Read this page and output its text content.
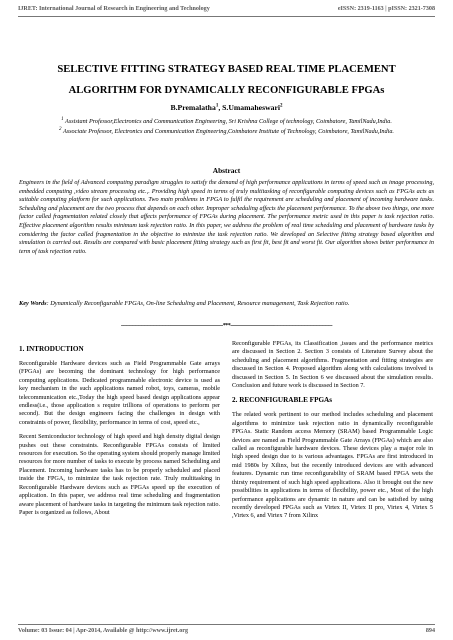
IJRET: International Journal of Research in Engineering and Technology	eISSN: 2319-1163 | pISSN: 2321-7308
SELECTIVE FITTING STRATEGY BASED REAL TIME PLACEMENT
ALGORITHM FOR DYNAMICALLY RECONFIGURABLE FPGAs
B.Premalatha$^1$, S.Umamaheswari$^2$

$^1$ Assistant Professor,Electronics and Communication Engineering, Sri Krishna College of technology, Coimbatore, TamilNadu,India.

$^2$ Associate Professor, Electronics and Communication Engineering,Coimbatore Institute of Technology, Coimbatore, TamilNadu,India.

Abstract
Engineers in the field of Advanced computing paradigm struggles to satisfy the demand of high performance applications in terms of speed such as image processing, embedded computing ,video stream processing etc.,. Providing high speed in terms of truly multitasking of reconfigurable computing devices such as FPGAs acts as suitable computing platform for such applications. Two main problems in FPGA to fulfil the requirement are scheduling and placement of incoming hardware tasks. Scheduling and placement are the two process that depends on each other. Improper scheduling affects the placement performance. To the above two things, one more factor called fragmentation related closely that affects performance of FPGAs during placement. The performance metric used in this paper is task rejection ratio. Effective placement algorithm results minimum task rejection ratio. In this paper, we address the problem of real time scheduling and placement of hardware tasks by considering the factor called fragmentation in the objective to minimize the task rejection ratio. We developed an Selective fitting strategy based algorithm and simulation is carried out. Results are compared with basic placement fitting strategy such as first fit, best fit and worst fit. Our algorithm shows better performance in term of task rejection ratio.
Key Words: Dynamically Reconfigurable FPGAs, On-line Scheduling and Placement, Resource management, Task Rejection ratio.
--------------------------------------------------------------------***--------------------------------------------------------------------
1. INTRODUCTION

Reconfigurable Hardware devices such as Field Programmable Gate arrays (FPGAs) are becoming the dominant technology for high performance computing applications. Dedicated programmable electronic device is used as key mechanism in the such applications named robot, toys, cameras, mobile telecommunication etc.,Today the high speed based design applications appear endless(i.e., those application s require trillions of operations to perform per second). But the design engineers facing the challenges in design with constraints of power, flexibility, performance in terms of cost, speed etc.,

Recent Semiconductor technology of high speed and high density digital design pushes out these constraints. Reconfigurable FPGAs consists of limited resources for execution. So the operating system should properly manage limited resources for more number of tasks to execute by process named Scheduling and Placement. Incoming hardware tasks has to be properly scheduled and placed inside the FPGA, to minimize the task rejection rate. Truly multitasking in Reconfigurable Hardware devices such as FPGAs speed up the execution of application. In this paper, we address real time scheduling and fragmentation aware placement of hardware tasks in targeting the minimum task rejection ratio. Paper is organized as follows, About

Reconfigurable FPGAs, its Classification ,issues and the performance metrics are discussed in Section 2. Section 3 consists of Literature Survey about the scheduling and placement algorithms. Fragmentation and fitting strategies are discussed in Section 4. Proposed algorithm along with calculations involved is discussed in Section 5. In Section 6 we discussed about the simulation results. Conclusion and future work is discussed in Section 7.

2. RECONFIGURABLE FPGAs

The related work pertinent to our method includes scheduling and placement algorithms to minimize task rejection ratio in dynamically reconfigurable FPGAs. Static Random access Memory (SRAM) based Programmable Logic devices are named as Field Programmable Gate Arrays (FPGAs) which are also called as reconfigurable hardware devices. These devices play a major role in high speed design due to is various advantages. FPGAs are first introduced in mid 1980s by Xilinx, but the recently introduced devices are with advanced features. Dynamic run time reconfigurability of SRAM based FPGA wets the thirsty requirement of such high speed applications. Also it brought out the new possibilities in applications in terms of flexibility, power etc., Most of the high performance applications are dynamic in nature and can be satisfied by using recently developed FPGAs such as Virtex II, Virtex II pro, Virtex 4, Virtex 5 ,Virtex 6, and Virtex 7 from Xilinx

Volume: 03 Issue: 04 | Apr-2014, Available @ http://www.ijret.org	894
